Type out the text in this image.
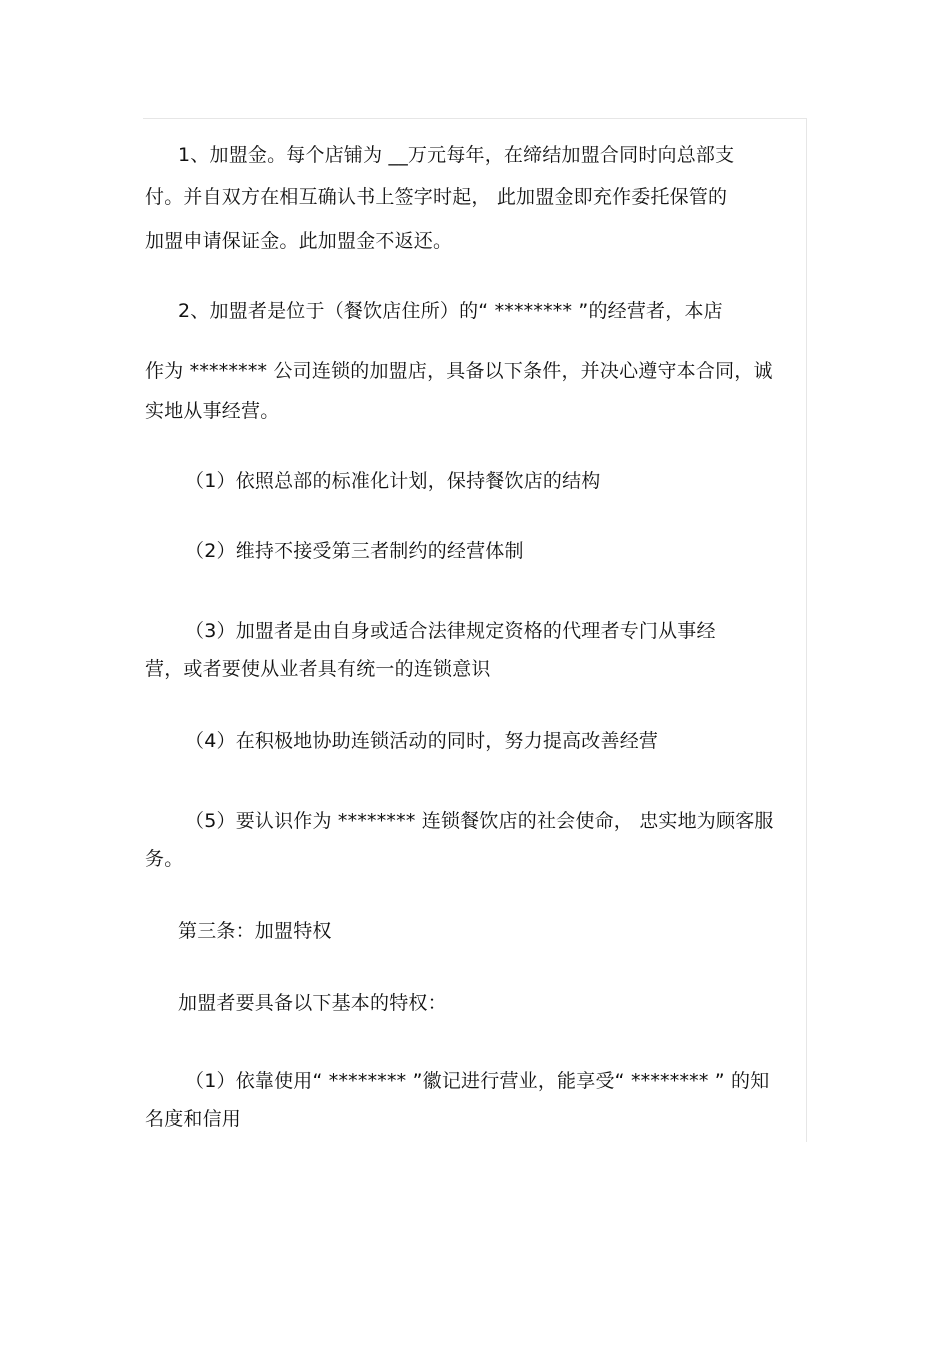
1、加盟金。每个店铺为 __万元每年，在缔结加盟合同时向总部支
付。并自双方在相互确认书上签字时起， 此加盟金即充作委托保管的
加盟申请保证金。此加盟金不返还。
2、加盟者是位于（餐饮店住所）的“ ******** ”的经营者，本店
作为 ******** 公司连锁的加盟店，具备以下条件，并决心遵守本合同，诚
实地从事经营。
（1）依照总部的标准化计划，保持餐饮店的结构
（2）维持不接受第三者制约的经营体制
（3）加盟者是由自身或适合法律规定资格的代理者专门从事经
营，或者要使从业者具有统一的连锁意识
（4）在积极地协助连锁活动的同时，努力提高改善经营
（5）要认识作为 ******** 连锁餐饮店的社会使命， 忠实地为顾客服
务。
第三条：加盟特权
加盟者要具备以下基本的特权：
（1）依靠使用“ ******** ”徽记进行营业，能享受“ ******** ” 的知
名度和信用
